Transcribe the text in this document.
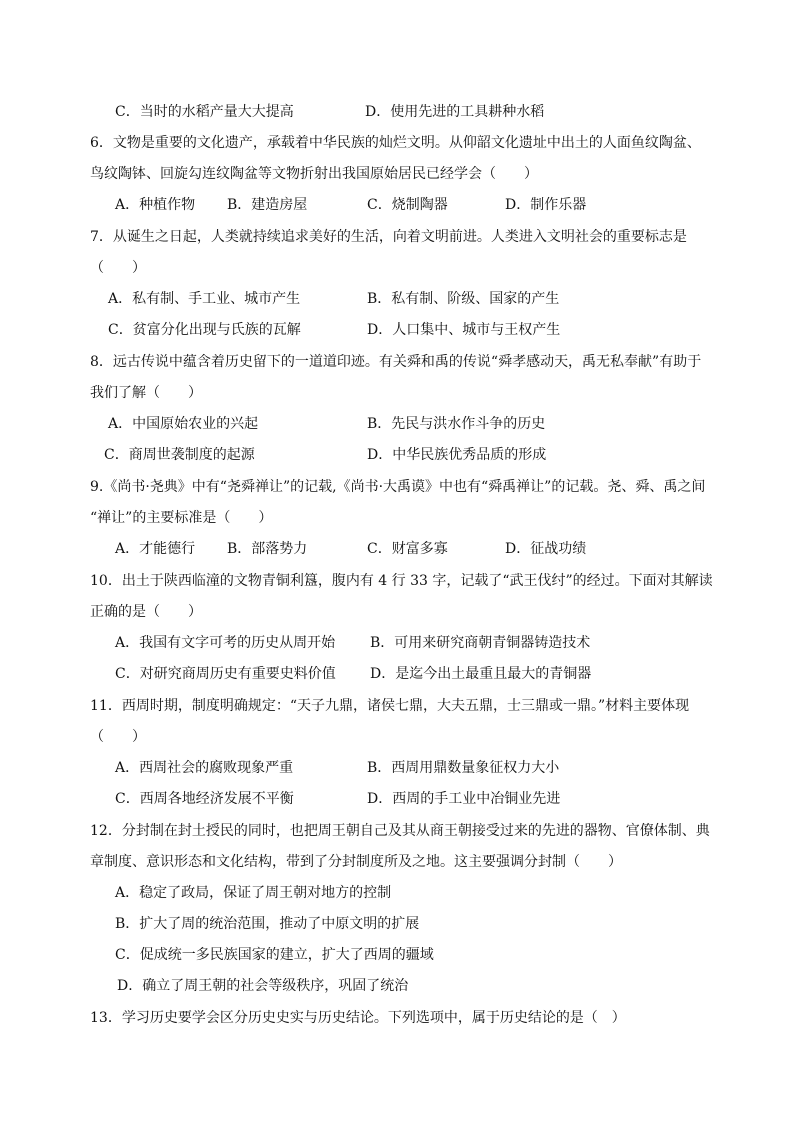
C．当时的水稻产量大大提高	D．使用先进的工具耕种水稻
6．文物是重要的文化遗产，承载着中华民族的灿烂文明。从仰韶文化遗址中出土的人面鱼纹陶盆、
鸟纹陶钵、回旋勾连纹陶盆等文物折射出我国原始居民已经学会（　　）
A．种植作物 B．建造房屋	C．烧制陶器	D．制作乐器
7．从诞生之日起，人类就持续追求美好的生活，向着文明前进。人类进入文明社会的重要标志是
（　　）
A．私有制、手工业、城市产生	B．私有制、阶级、国家的产生
C．贫富分化出现与氏族的瓦解	D．人口集中、城市与王权产生
8．远古传说中蕴含着历史留下的一道道印迹。有关舜和禹的传说“舜孝感动天，禹无私奉献”有助于
我们了解（　　）
A．中国原始农业的兴起	B．先民与洪水作斗争的历史
C．商周世袭制度的起源	D．中华民族优秀品质的形成
9.《尚书·尧典》中有“尧舜禅让”的记载,《尚书·大禹谟》中也有“舜禹禅让”的记载。尧、舜、禹之间
“禅让”的主要标准是（　　）
A．才能德行 B．部落势力	C．财富多寡	D．征战功绩
10．出土于陕西临潼的文物青铜利簋，腹内有 4 行 33 字，记载了“武王伐纣”的经过。下面对其解读
正确的是（　　）
A．我国有文字可考的历史从周开始 B．可用来研究商朝青铜器铸造技术
C．对研究商周历史有重要史料价值 D．是迄今出土最重且最大的青铜器
11．西周时期，制度明确规定：“天子九鼎，诸侯七鼎，大夫五鼎，士三鼎或一鼎。”材料主要体现
（　　）
A．西周社会的腐败现象严重	B．西周用鼎数量象征权力大小
C．西周各地经济发展不平衡	D．西周的手工业中冶铜业先进
12．分封制在封土授民的同时，也把周王朝自己及其从商王朝接受过来的先进的器物、官僚体制、典
章制度、意识形态和文化结构，带到了分封制度所及之地。这主要强调分封制（　　）
A．稳定了政局，保证了周王朝对地方的控制
B．扩大了周的统治范围，推动了中原文明的扩展
C．促成统一多民族国家的建立，扩大了西周的疆域
D．确立了周王朝的社会等级秩序，巩固了统治
13．学习历史要学会区分历史史实与历史结论。下列选项中，属于历史结论的是（　）
